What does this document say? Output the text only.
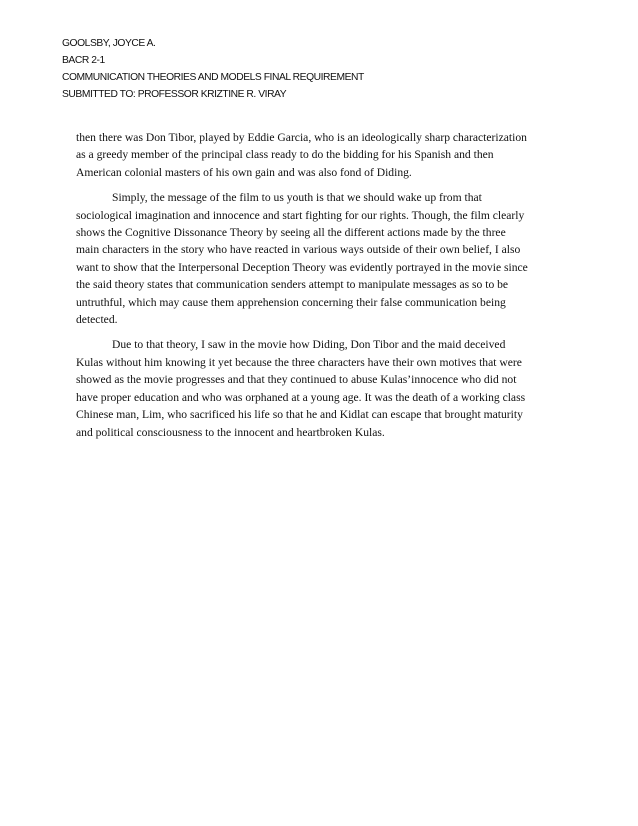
GOOLSBY, JOYCE A.
BACR 2-1
COMMUNICATION THEORIES AND MODELS FINAL REQUIREMENT
SUBMITTED TO: PROFESSOR KRIZTINE R. VIRAY

then there was Don Tibor, played by Eddie Garcia, who is an ideologically sharp characterization
as a greedy member of the principal class ready to do the bidding for his Spanish and then
American colonial masters of his own gain and was also fond of Diding.

Simply, the message of the film to us youth is that we should wake up from that
sociological imagination and innocence and start fighting for our rights. Though, the film clearly
shows the Cognitive Dissonance Theory by seeing all the different actions made by the three
main characters in the story who have reacted in various ways outside of their own belief, I also
want to show that the Interpersonal Deception Theory was evidently portrayed in the movie since
the said theory states that communication senders attempt to manipulate messages as so to be
untruthful, which may cause them apprehension concerning their false communication being
detected.

Due to that theory, I saw in the movie how Diding, Don Tibor and the maid deceived
Kulas without him knowing it yet because the three characters have their own motives that were
showed as the movie progresses and that they continued to abuse Kulas’innocence who did not
have proper education and who was orphaned at a young age. It was the death of a working class
Chinese man, Lim, who sacrificed his life so that he and Kidlat can escape that brought maturity
and political consciousness to the innocent and heartbroken Kulas.
